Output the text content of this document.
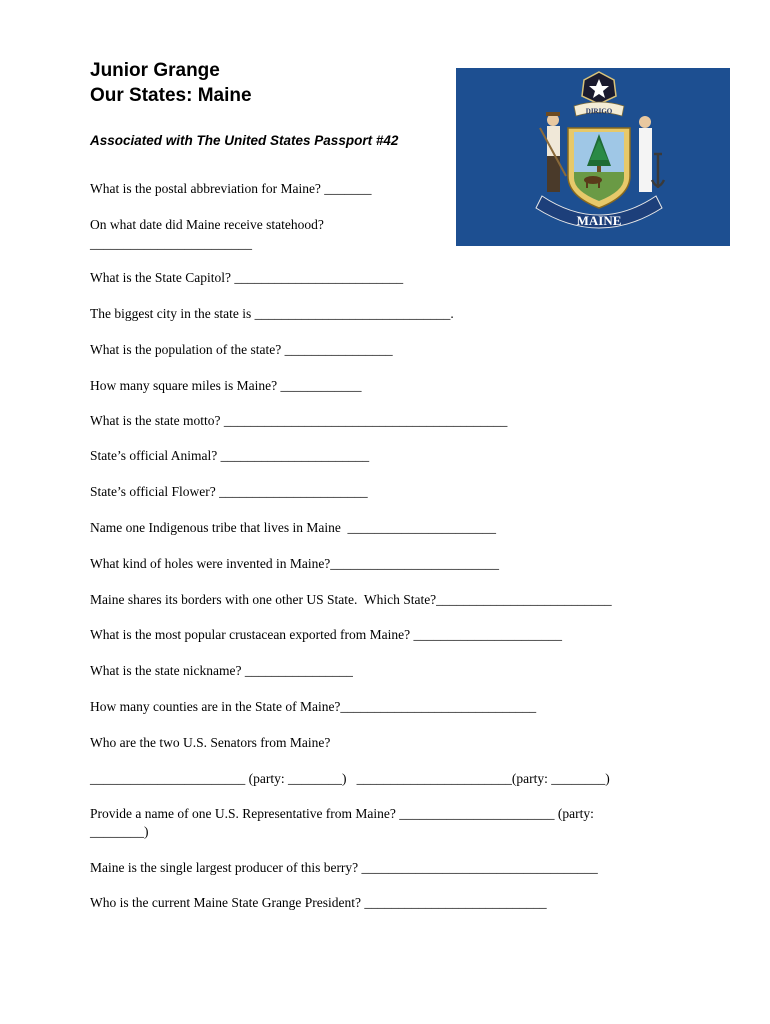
Junior Grange
Our States: Maine

Associated with The United States Passport #42

DIRIGO
MAINE

What is the postal abbreviation for Maine? _______

On what date did Maine receive statehood?

________________________

What is the State Capitol? _________________________

The biggest city in the state is _____________________________.

What is the population of the state? ________________

How many square miles is Maine? ____________

What is the state motto? __________________________________________

State’s official Animal? ______________________

State’s official Flower? ______________________

Name one Indigenous tribe that lives in Maine  ______________________

What kind of holes were invented in Maine?_________________________

Maine shares its borders with one other US State.  Which State?__________________________

What is the most popular crustacean exported from Maine? ______________________

What is the state nickname? ________________

How many counties are in the State of Maine?_____________________________

Who are the two U.S. Senators from Maine?

_______________________ (party: ________)   _______________________(party: ________)

Provide a name of one U.S. Representative from Maine? _______________________ (party:

________)

Maine is the single largest producer of this berry? ___________________________________

Who is the current Maine State Grange President? ___________________________
